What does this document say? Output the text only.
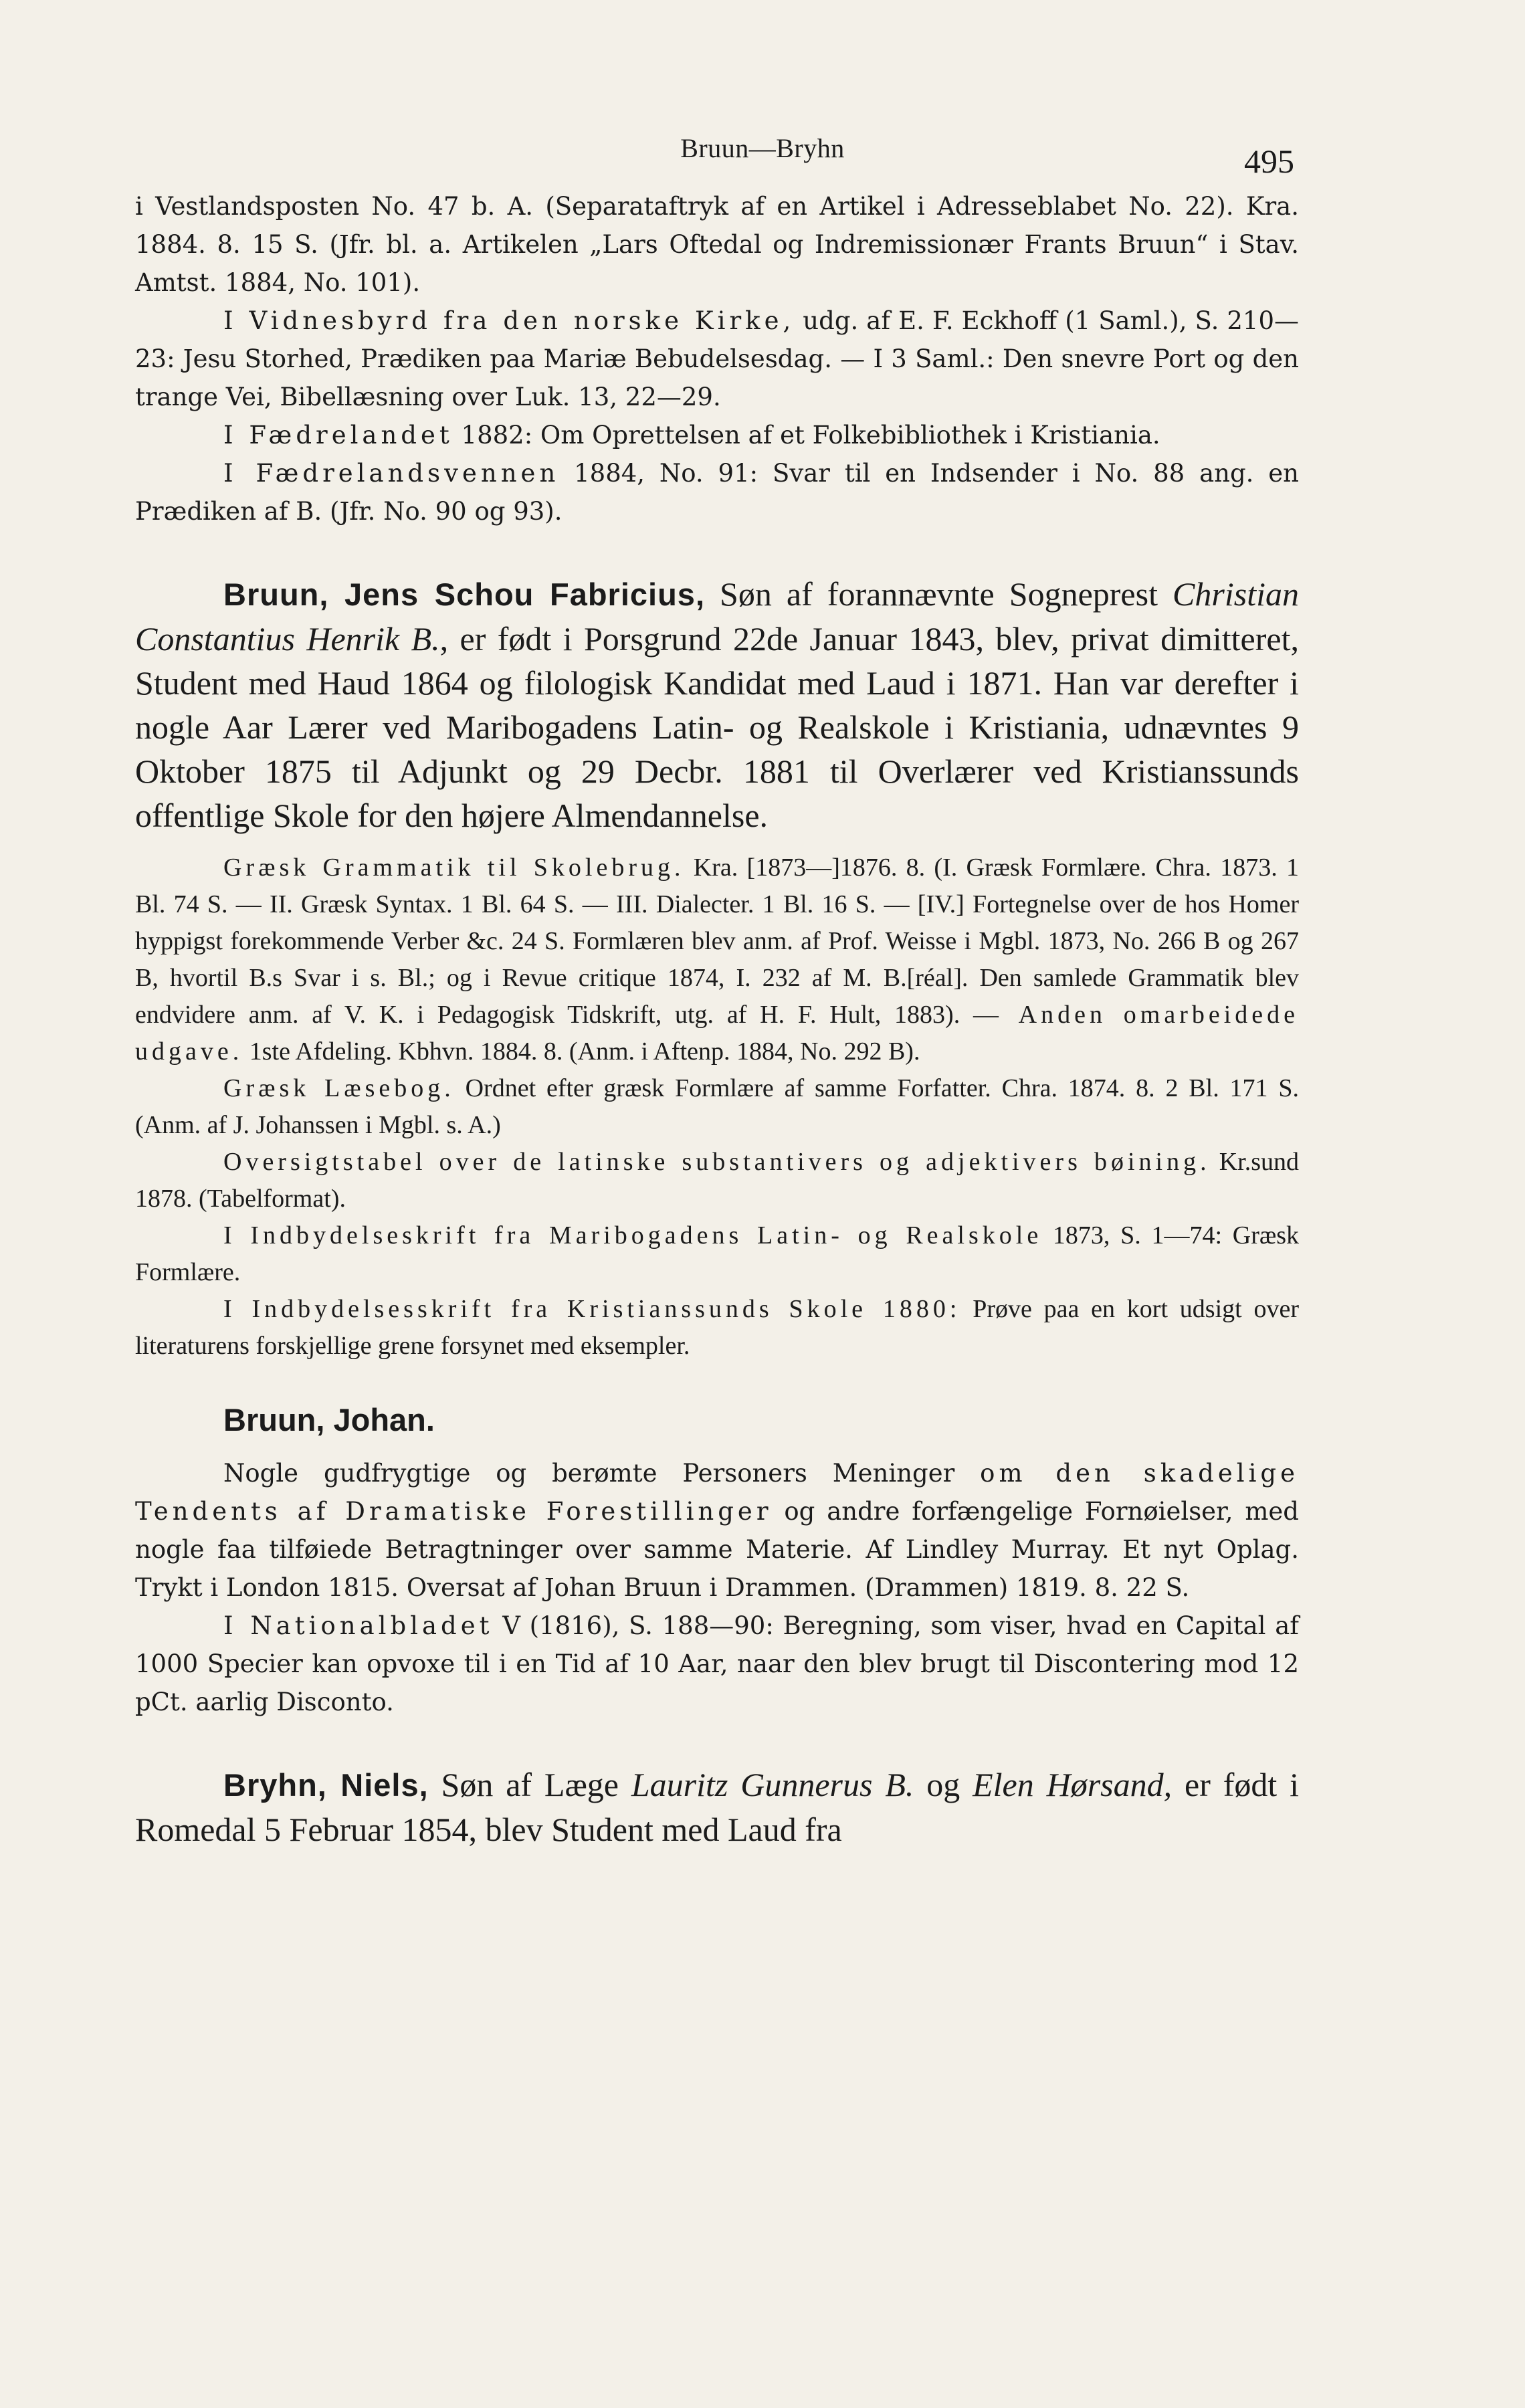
Bruun—Bryhn	495

i Vestlandsposten No. 47 b. A. (Separataftryk af en Artikel i Adresseblabet No. 22). Kra. 1884. 8. 15 S. (Jfr. bl. a. Artikelen „Lars Oftedal og Indremissionær Frants Bruun“ i Stav. Amtst. 1884, No. 101).

I Vidnesbyrd fra den norske Kirke, udg. af E. F. Eckhoff (1 Saml.), S. 210—23: Jesu Storhed, Prædiken paa Mariæ Bebudelsesdag. — I 3 Saml.: Den snevre Port og den trange Vei, Bibellæsning over Luk. 13, 22—29.

I Fædrelandet 1882: Om Oprettelsen af et Folkebibliothek i Kristiania.

I Fædrelandsvennen 1884, No. 91: Svar til en Indsender i No. 88 ang. en Prædiken af B. (Jfr. No. 90 og 93).

Bruun, Jens Schou Fabricius, Søn af forannævnte Sogneprest Christian Constantius Henrik B., er født i Porsgrund 22de Januar 1843, blev, privat dimitteret, Student med Haud 1864 og filologisk Kandidat med Laud i 1871. Han var derefter i nogle Aar Lærer ved Maribogadens Latin- og Realskole i Kristiania, udnævntes 9 Oktober 1875 til Adjunkt og 29 Decbr. 1881 til Overlærer ved Kristianssunds offentlige Skole for den højere Almendannelse.

Græsk Grammatik til Skolebrug. Kra. [1873—]1876. 8. (I. Græsk Formlære. Chra. 1873. 1 Bl. 74 S. — II. Græsk Syntax. 1 Bl. 64 S. — III. Dialecter. 1 Bl. 16 S. — [IV.] Fortegnelse over de hos Homer hyppigst forekommende Verber &c. 24 S. Formlæren blev anm. af Prof. Weisse i Mgbl. 1873, No. 266 B og 267 B, hvortil B.s Svar i s. Bl.; og i Revue critique 1874, I. 232 af M. B.[réal]. Den samlede Grammatik blev endvidere anm. af V. K. i Pedagogisk Tidskrift, utg. af H. F. Hult, 1883). — Anden omarbeidede udgave. 1ste Afdeling. Kbhvn. 1884. 8. (Anm. i Aftenp. 1884, No. 292 B).

Græsk Læsebog. Ordnet efter græsk Formlære af samme Forfatter. Chra. 1874. 8. 2 Bl. 171 S. (Anm. af J. Johanssen i Mgbl. s. A.)

Oversigtstabel over de latinske substantivers og adjektivers bøining. Kr.sund 1878. (Tabelformat).

I Indbydelseskrift fra Maribogadens Latin- og Realskole 1873, S. 1—74: Græsk Formlære.

I Indbydelsesskrift fra Kristianssunds Skole 1880: Prøve paa en kort udsigt over literaturens forskjellige grene forsynet med eksempler.

Bruun, Johan.

Nogle gudfrygtige og berømte Personers Meninger om den skadelige Tendents af Dramatiske Forestillinger og andre forfængelige Fornøielser, med nogle faa tilføiede Betragtninger over samme Materie. Af Lindley Murray. Et nyt Oplag. Trykt i London 1815. Oversat af Johan Bruun i Drammen. (Drammen) 1819. 8. 22 S.

I Nationalbladet V (1816), S. 188—90: Beregning, som viser, hvad en Capital af 1000 Specier kan opvoxe til i en Tid af 10 Aar, naar den blev brugt til Discontering mod 12 pCt. aarlig Disconto.

Bryhn, Niels, Søn af Læge Lauritz Gunnerus B. og Elen Hørsand, er født i Romedal 5 Februar 1854, blev Student med Laud fra
